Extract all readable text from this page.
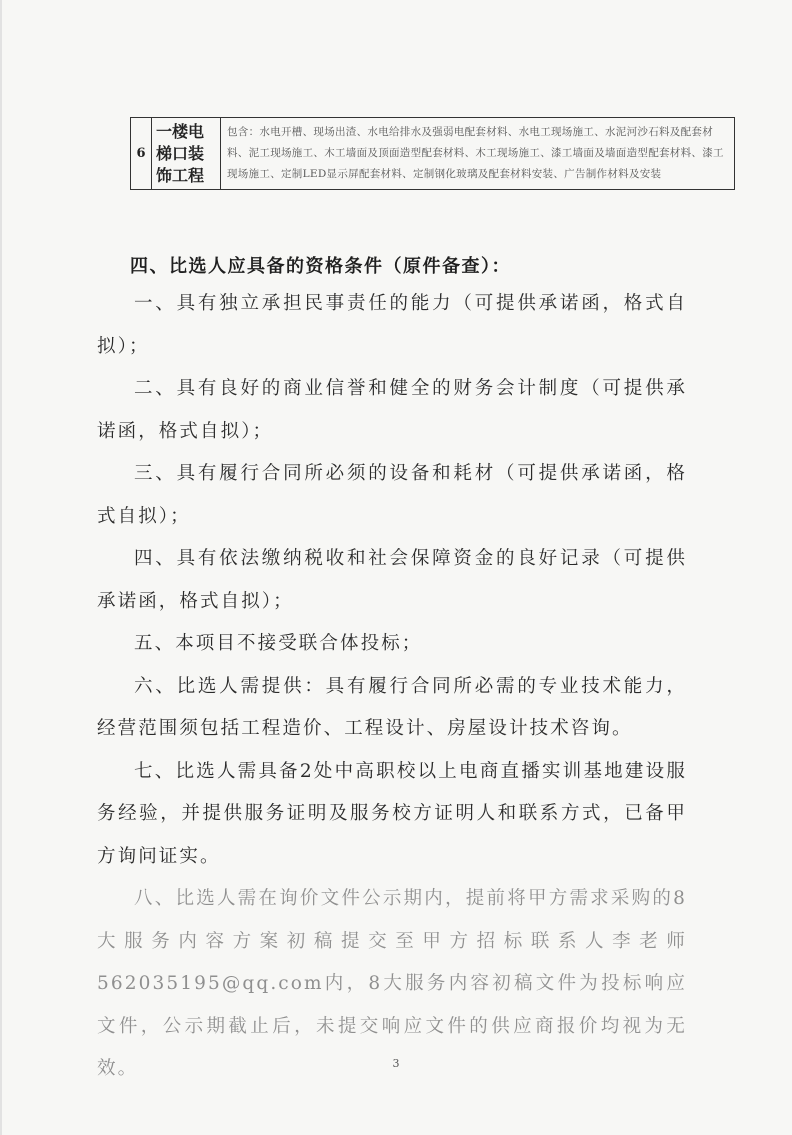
6	一楼电梯口装饰工程	包含：水电开槽、现场出渣、水电给排水及强弱电配套材料、水电工现场施工、水泥河沙石料及配套材料、泥工现场施工、木工墙面及顶面造型配套材料、木工现场施工、漆工墙面及墙面造型配套材料、漆工现场施工、定制LED显示屏配套材料、定制钢化玻璃及配套材料安装、广告制作材料及安装
四、比选人应具备的资格条件（原件备查）：

一、具有独立承担民事责任的能力（可提供承诺函，格式自拟）；

二、具有良好的商业信誉和健全的财务会计制度（可提供承诺函，格式自拟）；

三、具有履行合同所必须的设备和耗材（可提供承诺函，格式自拟）；

四、具有依法缴纳税收和社会保障资金的良好记录（可提供承诺函，格式自拟）；

五、本项目不接受联合体投标；

六、比选人需提供：具有履行合同所必需的专业技术能力，经营范围须包括工程造价、工程设计、房屋设计技术咨询。

七、比选人需具备2处中高职校以上电商直播实训基地建设服务经验，并提供服务证明及服务校方证明人和联系方式，已备甲方询问证实。

八、比选人需在询价文件公示期内，提前将甲方需求采购的8大服务内容方案初稿提交至甲方招标联系人李老师562035195@qq.com内，8大服务内容初稿文件为投标响应文件，公示期截止后，未提交响应文件的供应商报价均视为无效。	3
